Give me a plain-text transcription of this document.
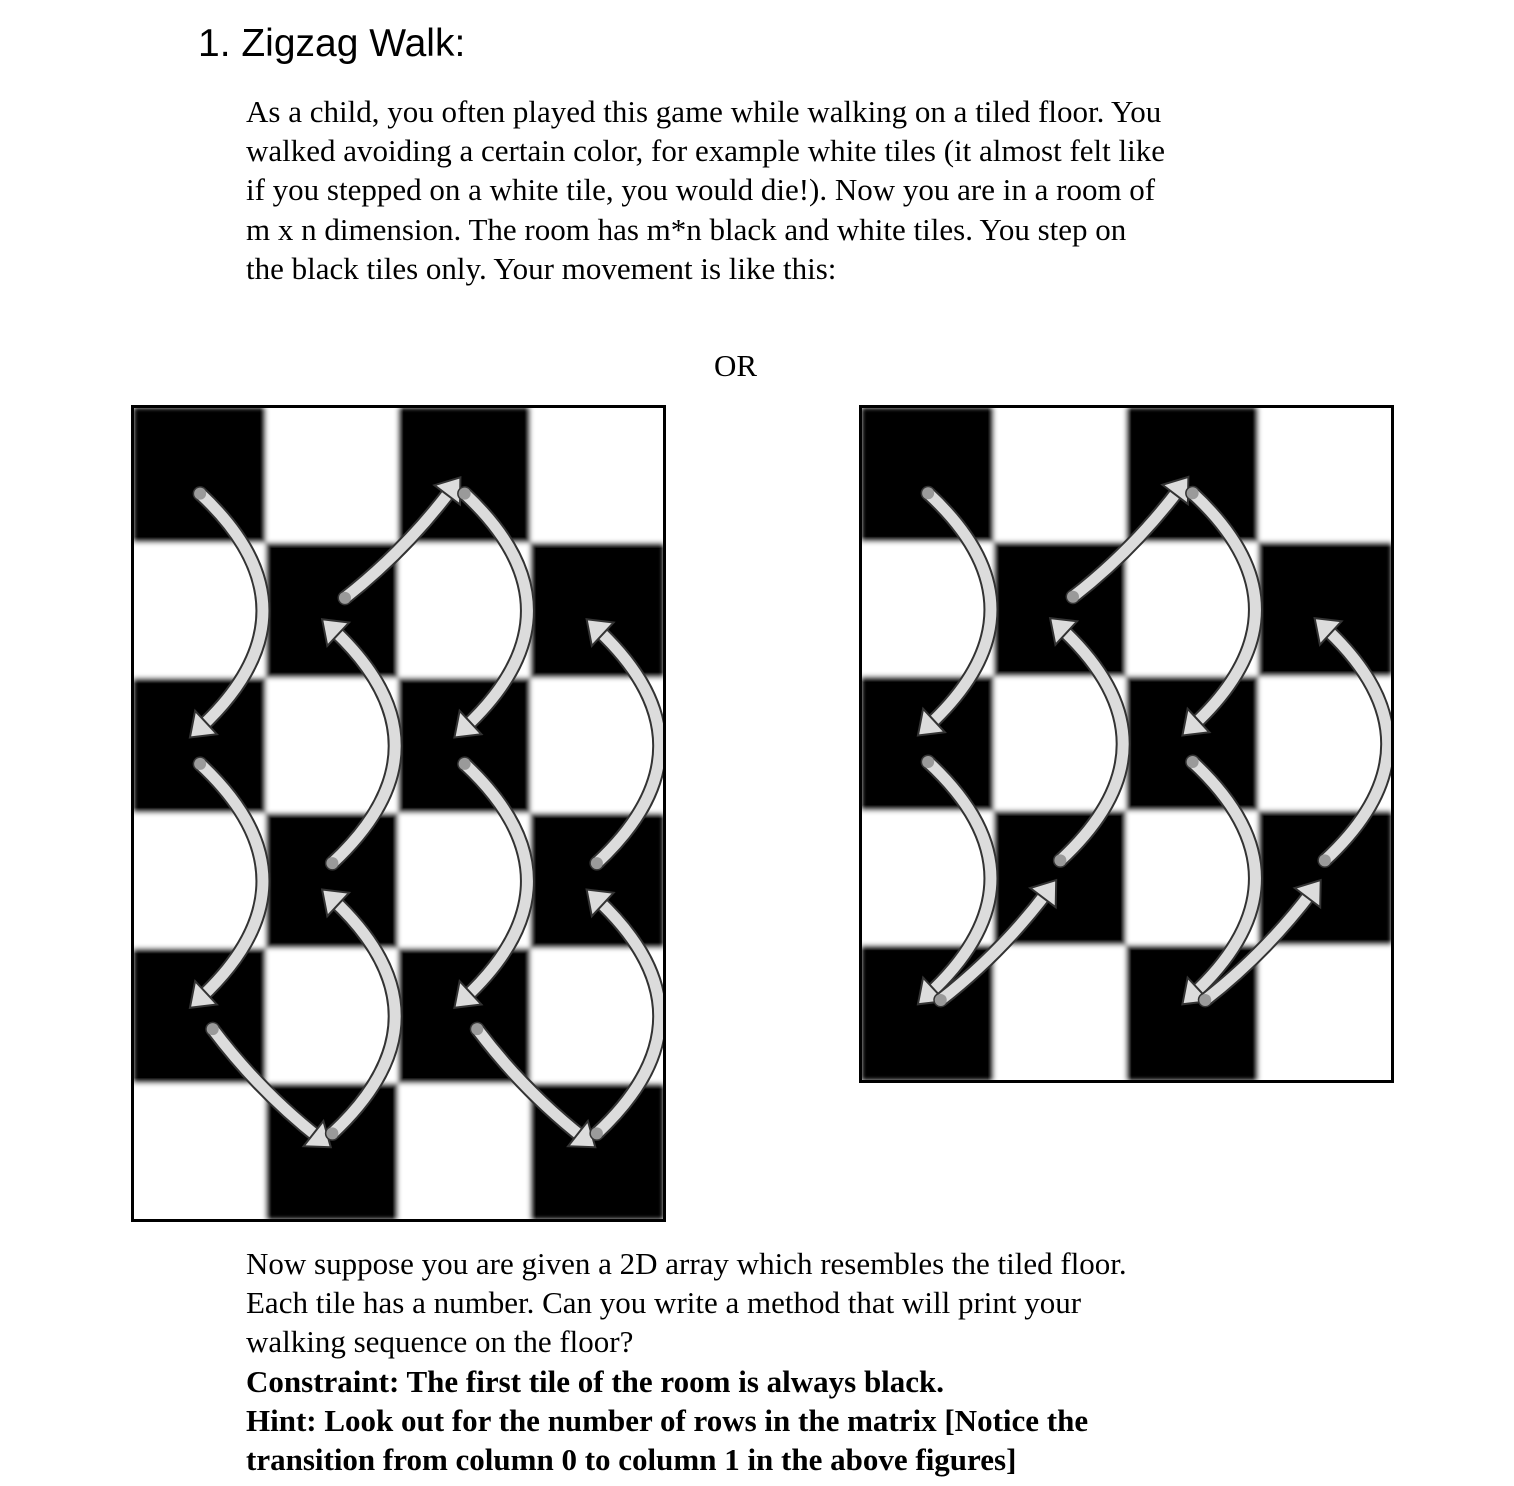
1. Zigzag Walk:
As a child, you often played this game while walking on a tiled floor. You
walked avoiding a certain color, for example white tiles (it almost felt like
if you stepped on a white tile, you would die!). Now you are in a room of
m x n dimension. The room has m*n black and white tiles. You step on
the black tiles only. Your movement is like this:
OR
Now suppose you are given a 2D array which resembles the tiled floor.
Each tile has a number. Can you write a method that will print your
walking sequence on the floor?
Constraint: The first tile of the room is always black.
Hint: Look out for the number of rows in the matrix [Notice the
transition from column 0 to column 1 in the above figures]
